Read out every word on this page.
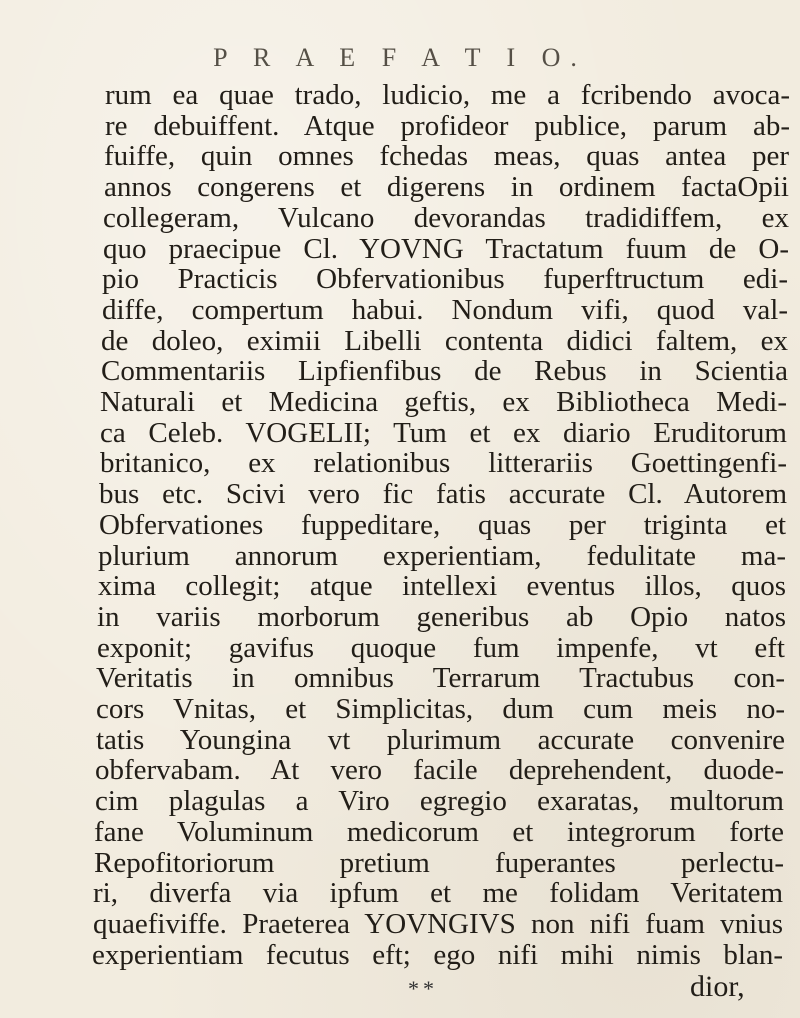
P R A E F A T I O.
rum ea quae trado, ludicio, me a fcribendo avoca-
re debuiffent. Atque profideor publice, parum ab-
fuiffe, quin omnes fchedas meas, quas antea per
annos congerens et digerens in ordinem factaOpii
collegeram, Vulcano devorandas tradidiffem, ex
quo praecipue Cl. YOVNG Tractatum fuum de O-
pio Practicis Obfervationibus fuperftructum edi-
diffe, compertum habui. Nondum vifi, quod val-
de doleo, eximii Libelli contenta didici faltem, ex
Commentariis Lipfienfibus de Rebus in Scientia
Naturali et Medicina geftis, ex Bibliotheca Medi-
ca Celeb. VOGELII; Tum et ex diario Eruditorum
britanico, ex relationibus litterariis Goettingenfi-
bus etc. Scivi vero fic fatis accurate Cl. Autorem
Obfervationes fuppeditare, quas per triginta et
plurium annorum experientiam, fedulitate ma-
xima collegit; atque intellexi eventus illos, quos
in variis morborum generibus ab Opio natos
exponit; gavifus quoque fum impenfe, vt eft
Veritatis in omnibus Terrarum Tractubus con-
cors Vnitas, et Simplicitas, dum cum meis no-
tatis Youngina vt plurimum accurate convenire
obfervabam. At vero facile deprehendent, duode-
cim plagulas a Viro egregio exaratas, multorum
fane Voluminum medicorum et integrorum forte
Repofitoriorum pretium fuperantes perlectu-
ri, diverfa via ipfum et me folidam Veritatem
quaefiviffe. Praeterea YOVNGIVS non nifi fuam vnius
experientiam fecutus eft; ego nifi mihi nimis blan-
**	dior,
